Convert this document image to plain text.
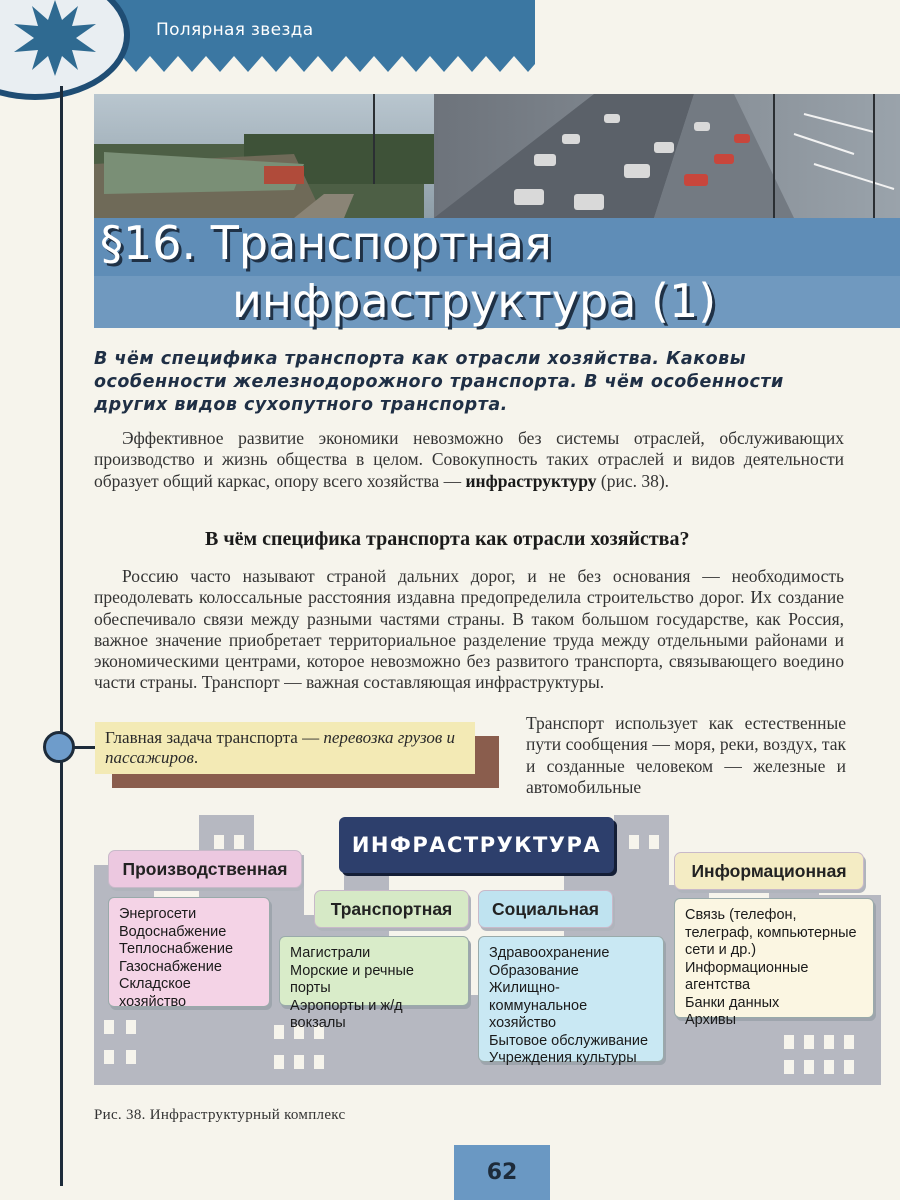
Полярная звезда
§16. Транспортная
инфраструктура (1)
В чём специфика транспорта как отрасли хозяйства. Каковы особенности железнодорожного транспорта. В чём особенности других видов сухопутного транспорта.
Эффективное развитие экономики невозможно без системы отраслей, обслуживающих производство и жизнь общества в целом. Совокупность таких отраслей и видов деятельности образует общий каркас, опору всего хозяйства — инфраструктуру (рис. 38).
В чём специфика транспорта как отрасли хозяйства?
Россию часто называют страной дальних дорог, и не без основания — необходимость преодолевать колоссальные расстояния издавна предопределила строительство дорог. Их создание обеспечивало связи между разными частями страны. В таком большом государстве, как Россия, важное значение приобретает территориальное разделение труда между отдельными районами и экономическими центрами, которое невозможно без развитого транспорта, связывающего воедино части страны. Транспорт — важная составляющая инфраструктуры.
Главная задача транспорта — перевозка грузов и пассажиров.
Транспорт использует как естественные пути сообщения — моря, реки, воздух, так и созданные человеком — железные и автомобильные
ИНФРАСТРУКТУРА
Производственная
Энергосети
Водоснабжение
Теплоснабжение
Газоснабжение
Складское хозяйство
Транспортная
Магистрали
Морские и речные порты
Аэропорты и ж/д вокзалы
Социальная
Здравоохранение
Образование
Жилищно-коммунальное хозяйство
Бытовое обслуживание
Учреждения культуры
Информационная
Связь (телефон, телеграф, компьютерные сети и др.)
Информационные агентства
Банки данных
Архивы
Рис. 38. Инфраструктурный комплекс
62
